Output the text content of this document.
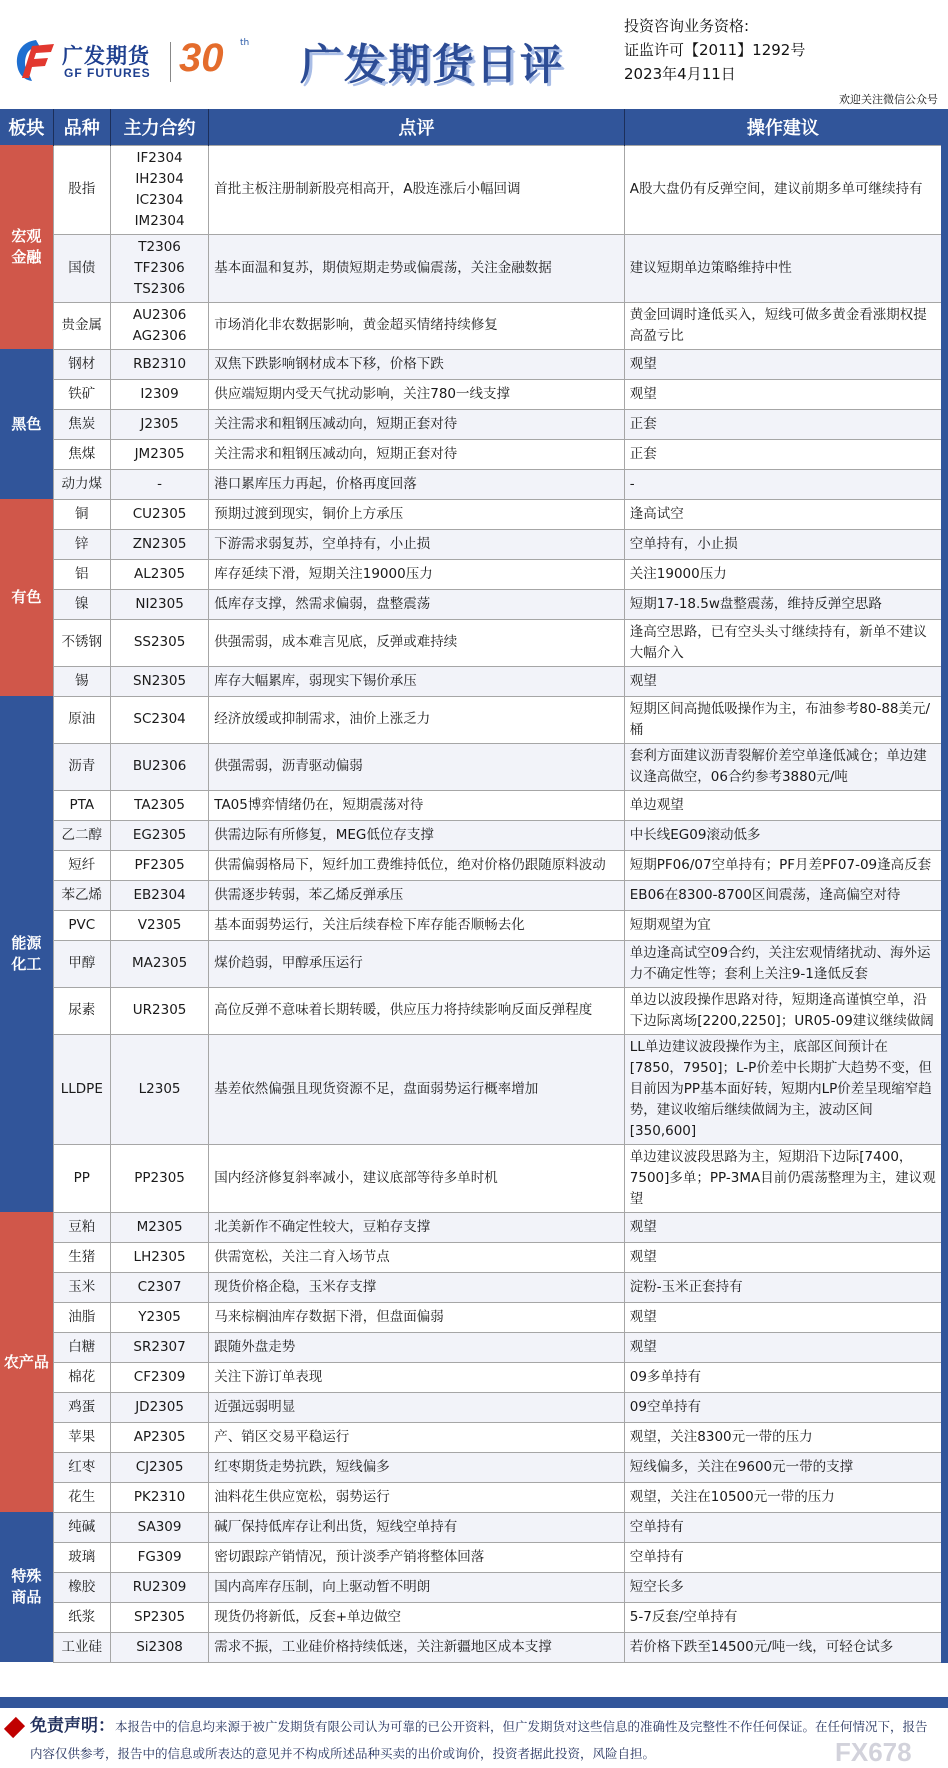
广发期货
GF FUTURES 30 th 广发期货日评
投资咨询业务资格:
证监许可【2011】1292号
2023年4月11日
欢迎关注微信公众号
板块	品种	主力合约	点评	操作建议
宏观
金融	股指	IF2304
IH2304
IC2304
IM2304	首批主板注册制新股亮相高开，A股连涨后小幅回调	A股大盘仍有反弹空间，建议前期多单可继续持有
	国债	T2306
TF2306
TS2306	基本面温和复苏，期债短期走势或偏震荡，关注金融数据	建议短期单边策略维持中性
	贵金属	AU2306
AG2306	市场消化非农数据影响，黄金超买情绪持续修复	黄金回调时逢低买入，短线可做多黄金看涨期权提高盈亏比
黑色	钢材	RB2310	双焦下跌影响钢材成本下移，价格下跌	观望
	铁矿	I2309	供应端短期内受天气扰动影响，关注780一线支撑	观望
	焦炭	J2305	关注需求和粗钢压减动向，短期正套对待	正套
	焦煤	JM2305	关注需求和粗钢压减动向，短期正套对待	正套
	动力煤	-	港口累库压力再起，价格再度回落	-
有色	铜	CU2305	预期过渡到现实，铜价上方承压	逢高试空
	锌	ZN2305	下游需求弱复苏，空单持有，小止损	空单持有，小止损
	铝	AL2305	库存延续下滑，短期关注19000压力	关注19000压力
	镍	NI2305	低库存支撑，然需求偏弱，盘整震荡	短期17-18.5w盘整震荡，维持反弹空思路
	不锈钢	SS2305	供强需弱，成本难言见底，反弹或难持续	逢高空思路，已有空头头寸继续持有，新单不建议大幅介入
	锡	SN2305	库存大幅累库，弱现实下锡价承压	观望
能源
化工	原油	SC2304	经济放缓或抑制需求，油价上涨乏力	短期区间高抛低吸操作为主，布油参考80-88美元/桶
	沥青	BU2306	供强需弱，沥青驱动偏弱	套利方面建议沥青裂解价差空单逢低减仓；单边建议逢高做空，06合约参考3880元/吨
	PTA	TA2305	TA05博弈情绪仍在，短期震荡对待	单边观望
	乙二醇	EG2305	供需边际有所修复，MEG低位存支撑	中长线EG09滚动低多
	短纤	PF2305	供需偏弱格局下，短纤加工费维持低位，绝对价格仍跟随原料波动	短期PF06/07空单持有；PF月差PF07-09逢高反套
	苯乙烯	EB2304	供需逐步转弱，苯乙烯反弹承压	EB06在8300-8700区间震荡，逢高偏空对待
	PVC	V2305	基本面弱势运行，关注后续春检下库存能否顺畅去化	短期观望为宜
	甲醇	MA2305	煤价趋弱，甲醇承压运行	单边逢高试空09合约，关注宏观情绪扰动、海外运力不确定性等；套利上关注9-1逢低反套
	尿素	UR2305	高位反弹不意味着长期转暖，供应压力将持续影响反面反弹程度	单边以波段操作思路对待，短期逢高谨慎空单，沿下边际离场[2200,2250]；UR05-09建议继续做阔
	LLDPE	L2305	基差依然偏强且现货资源不足，盘面弱势运行概率增加	LL单边建议波段操作为主，底部区间预计在[7850，7950]；L-P价差中长期扩大趋势不变，但目前因为PP基本面好转，短期内LP价差呈现缩窄趋势，建议收缩后继续做阔为主，波动区间[350,600]
	PP	PP2305	国内经济修复斜率减小，建议底部等待多单时机	单边建议波段思路为主，短期沿下边际[7400，7500]多单；PP-3MA目前仍震荡整理为主，建议观望
农产品	豆粕	M2305	北美新作不确定性较大，豆粕存支撑	观望
	生猪	LH2305	供需宽松，关注二育入场节点	观望
	玉米	C2307	现货价格企稳，玉米存支撑	淀粉-玉米正套持有
	油脂	Y2305	马来棕榈油库存数据下滑，但盘面偏弱	观望
	白糖	SR2307	跟随外盘走势	观望
	棉花	CF2309	关注下游订单表现	09多单持有
	鸡蛋	JD2305	近强远弱明显	09空单持有
	苹果	AP2305	产、销区交易平稳运行	观望，关注8300元一带的压力
	红枣	CJ2305	红枣期货走势抗跌，短线偏多	短线偏多，关注在9600元一带的支撑
	花生	PK2310	油料花生供应宽松，弱势运行	观望，关注在10500元一带的压力
特殊
商品	纯碱	SA309	碱厂保持低库存让利出货，短线空单持有	空单持有
	玻璃	FG309	密切跟踪产销情况，预计淡季产销将整体回落	空单持有
	橡胶	RU2309	国内高库存压制，向上驱动暂不明朗	短空长多
	纸浆	SP2305	现货仍将新低，反套+单边做空	5-7反套/空单持有
	工业硅	Si2308	需求不振，工业硅价格持续低迷，关注新疆地区成本支撑	若价格下跌至14500元/吨一线，可轻仓试多
免责声明：本报告中的信息均来源于被广发期货有限公司认为可靠的已公开资料，但广发期货对这些信息的准确性及完整性不作任何保证。在任何情况下，报告内容仅供参考，报告中的信息或所表达的意见并不构成所述品种买卖的出价或询价，投资者据此投资，风险自担。	FX678
